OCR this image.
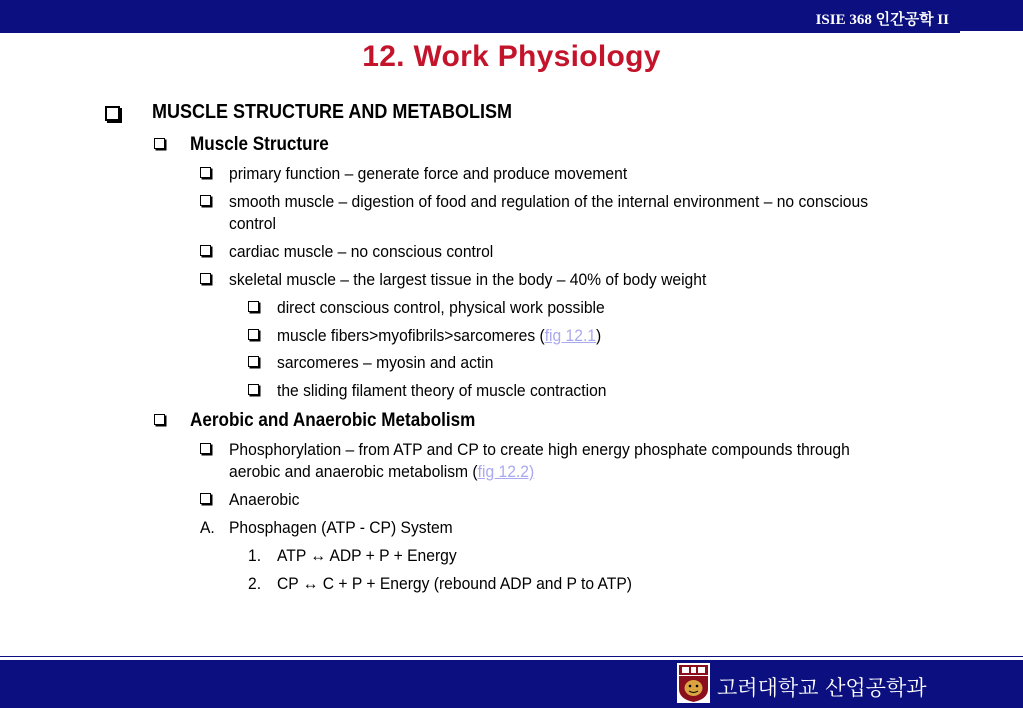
ISIE 368 인간공학 II
12. Work Physiology
MUSCLE STRUCTURE AND METABOLISM
Muscle Structure
primary function – generate force and produce movement
smooth muscle – digestion of food and regulation of the internal environment – no conscious
control
cardiac muscle – no conscious control
skeletal muscle – the largest tissue in the body – 40% of body weight
direct conscious control, physical work possible
muscle fibers>myofibrils>sarcomeres (fig 12.1)
sarcomeres – myosin and actin
the sliding filament theory of muscle contraction
Aerobic and Anaerobic Metabolism
Phosphorylation – from ATP and CP to create high energy phosphate compounds through
aerobic and anaerobic metabolism (fig 12.2)
Anaerobic
A. Phosphagen (ATP - CP) System
1. ATP ↔ ADP + P + Energy
2. CP ↔ C + P + Energy (rebound ADP and P to ATP)
고려대학교 산업공학과
